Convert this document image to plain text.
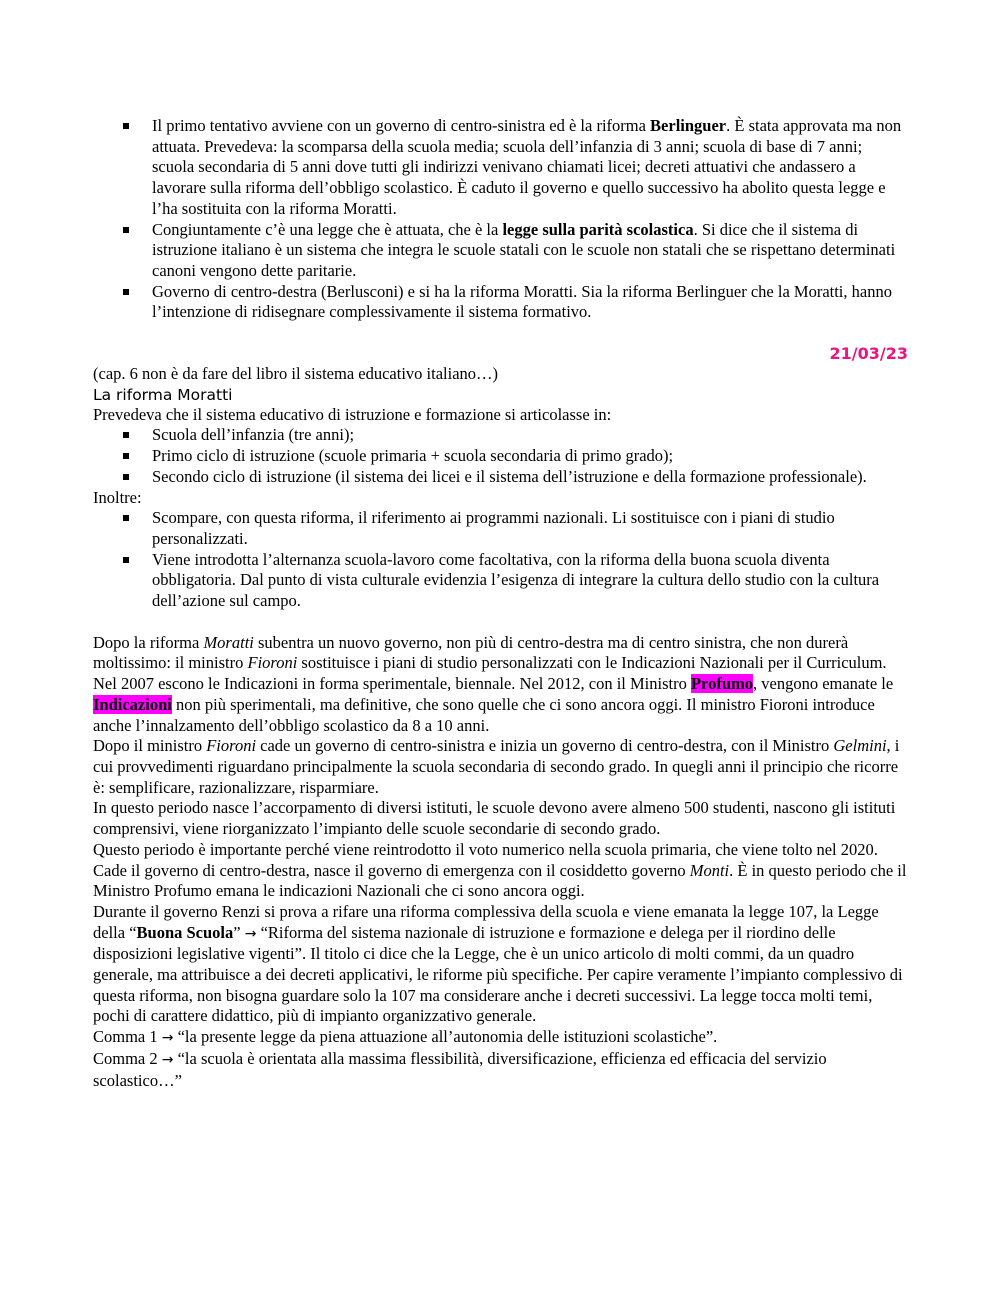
Il primo tentativo avviene con un governo di centro-sinistra ed è la riforma Berlinguer. È stata approvata ma non attuata. Prevedeva: la scomparsa della scuola media; scuola dell’infanzia di 3 anni; scuola di base di 7 anni; scuola secondaria di 5 anni dove tutti gli indirizzi venivano chiamati licei; decreti attuativi che andassero a lavorare sulla riforma dell’obbligo scolastico. È caduto il governo e quello successivo ha abolito questa legge e l’ha sostituita con la riforma Moratti.
Congiuntamente c’è una legge che è attuata, che è la legge sulla parità scolastica. Si dice che il sistema di istruzione italiano è un sistema che integra le scuole statali con le scuole non statali che se rispettano determinati canoni vengono dette paritarie.
Governo di centro-destra (Berlusconi) e si ha la riforma Moratti. Sia la riforma Berlinguer che la Moratti, hanno l’intenzione di ridisegnare complessivamente il sistema formativo.
21/03/23

(cap. 6 non è da fare del libro il sistema educativo italiano…)

La riforma Moratti

Prevedeva che il sistema educativo di istruzione e formazione si articolasse in:

Scuola dell’infanzia (tre anni);
Primo ciclo di istruzione (scuole primaria + scuola secondaria di primo grado);
Secondo ciclo di istruzione (il sistema dei licei e il sistema dell’istruzione e della formazione professionale).

Inoltre:

Scompare, con questa riforma, il riferimento ai programmi nazionali. Li sostituisce con i piani di studio personalizzati.
Viene introdotta l’alternanza scuola-lavoro come facoltativa, con la riforma della buona scuola diventa obbligatoria. Dal punto di vista culturale evidenzia l’esigenza di integrare la cultura dello studio con la cultura dell’azione sul campo.

Dopo la riforma Moratti subentra un nuovo governo, non più di centro-destra ma di centro sinistra, che non durerà moltissimo: il ministro Fioroni sostituisce i piani di studio personalizzati con le Indicazioni Nazionali per il Curriculum. Nel 2007 escono le Indicazioni in forma sperimentale, biennale. Nel 2012, con il Ministro Profumo, vengono emanate le Indicazioni non più sperimentali, ma definitive, che sono quelle che ci sono ancora oggi. Il ministro Fioroni introduce anche l’innalzamento dell’obbligo scolastico da 8 a 10 anni.

Dopo il ministro Fioroni cade un governo di centro-sinistra e inizia un governo di centro-destra, con il Ministro Gelmini, i cui provvedimenti riguardano principalmente la scuola secondaria di secondo grado. In quegli anni il principio che ricorre è: semplificare, razionalizzare, risparmiare.

In questo periodo nasce l’accorpamento di diversi istituti, le scuole devono avere almeno 500 studenti, nascono gli istituti comprensivi, viene riorganizzato l’impianto delle scuole secondarie di secondo grado.

Questo periodo è importante perché viene reintrodotto il voto numerico nella scuola primaria, che viene tolto nel 2020.

Cade il governo di centro-destra, nasce il governo di emergenza con il cosiddetto governo Monti. È in questo periodo che il Ministro Profumo emana le indicazioni Nazionali che ci sono ancora oggi.

Durante il governo Renzi si prova a rifare una riforma complessiva della scuola e viene emanata la legge 107, la Legge della “Buona Scuola” → “Riforma del sistema nazionale di istruzione e formazione e delega per il riordino delle disposizioni legislative vigenti”. Il titolo ci dice che la Legge, che è un unico articolo di molti commi, da un quadro generale, ma attribuisce a dei decreti applicativi, le riforme più specifiche. Per capire veramente l’impianto complessivo di questa riforma, non bisogna guardare solo la 107 ma considerare anche i decreti successivi. La legge tocca molti temi, pochi di carattere didattico, più di impianto organizzativo generale.

Comma 1 → “la presente legge da piena attuazione all’autonomia delle istituzioni scolastiche”.

Comma 2 → “la scuola è orientata alla massima flessibilità, diversificazione, efficienza ed efficacia del servizio scolastico…”
